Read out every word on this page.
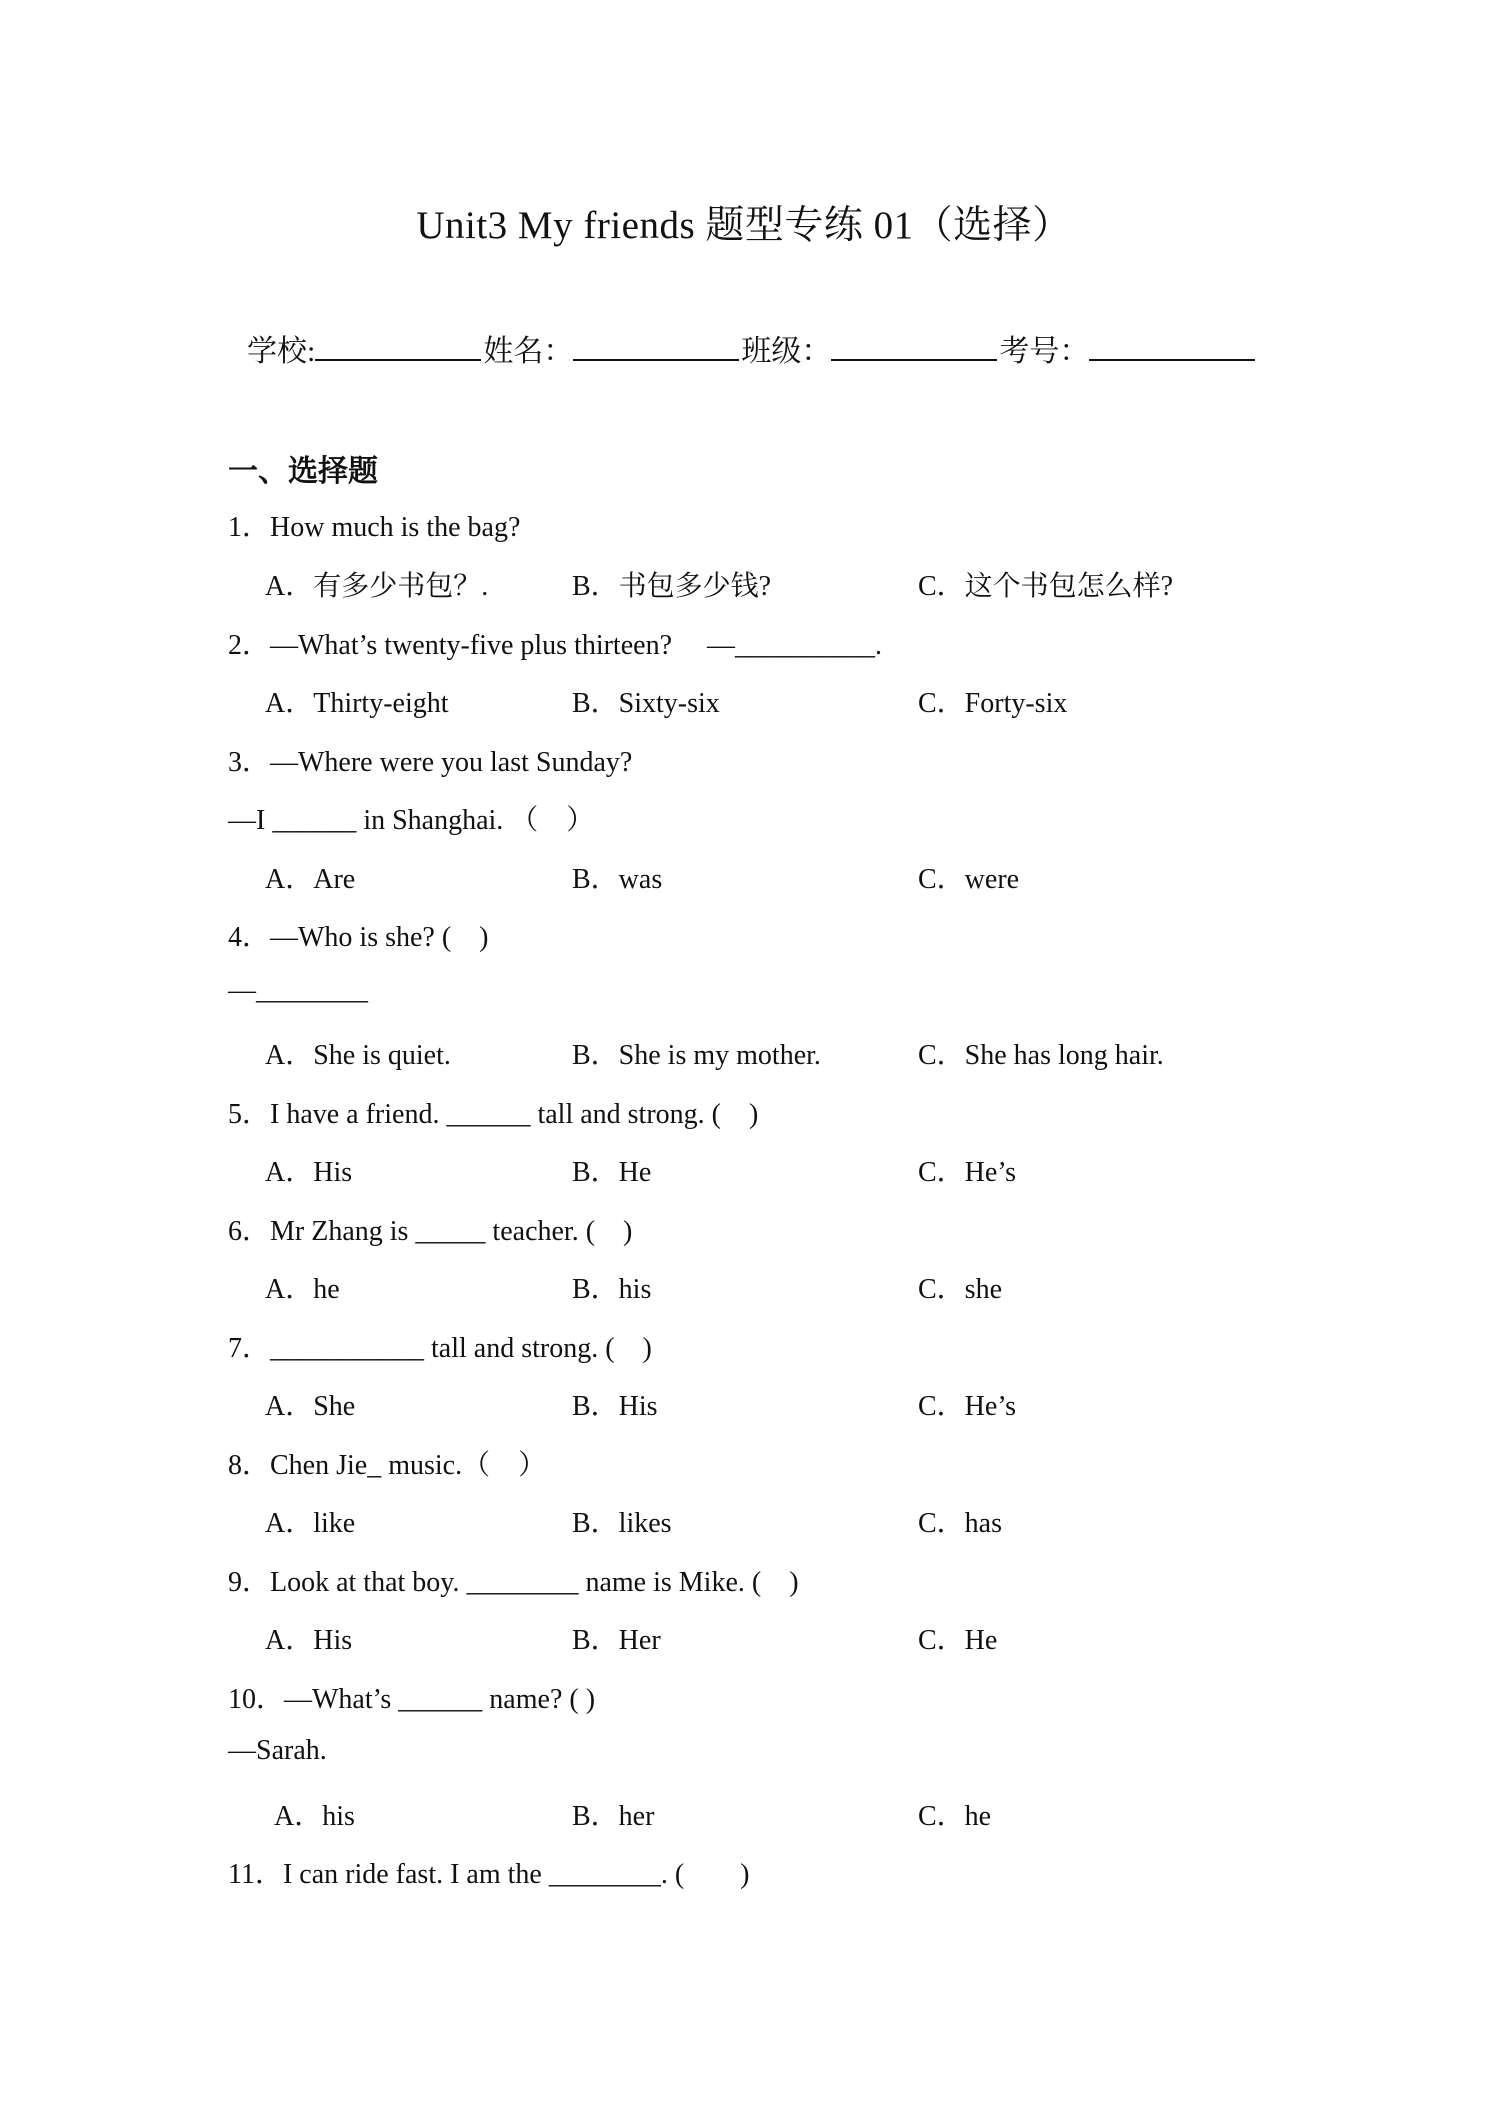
Unit3 My friends 题型专练 01（选择）
学校:	姓名：	班级：	考号：
一、选择题
1．How much is the bag?
A．有多少书包？.	B．书包多少钱?	C．这个书包怎么样?
2．—What’s twenty-five plus thirteen?　 —__________.
A．Thirty-eight	B．Sixty-six	C．Forty-six
3．—Where were you last Sunday?
—I ______ in Shanghai. （　）
A．Are	B．was	C．were
4．—Who is she? (　)
—________
A．She is quiet.	B．She is my mother.	C．She has long hair.
5．I have a friend. ______ tall and strong. (　)
A．His	B．He	C．He’s
6．Mr Zhang is _____ teacher. (　)
A．he	B．his	C．she
7．___________ tall and strong. (　)
A．She	B．His	C．He’s
8．Chen Jie_ music.（　）
A．like	B．likes	C．has
9．Look at that boy. ________ name is Mike. (　)
A．His	B．Her	C．He
10．—What’s ______ name? ( )
—Sarah.
A．his	B．her	C．he
11．I can ride fast. I am the ________. (　　)
